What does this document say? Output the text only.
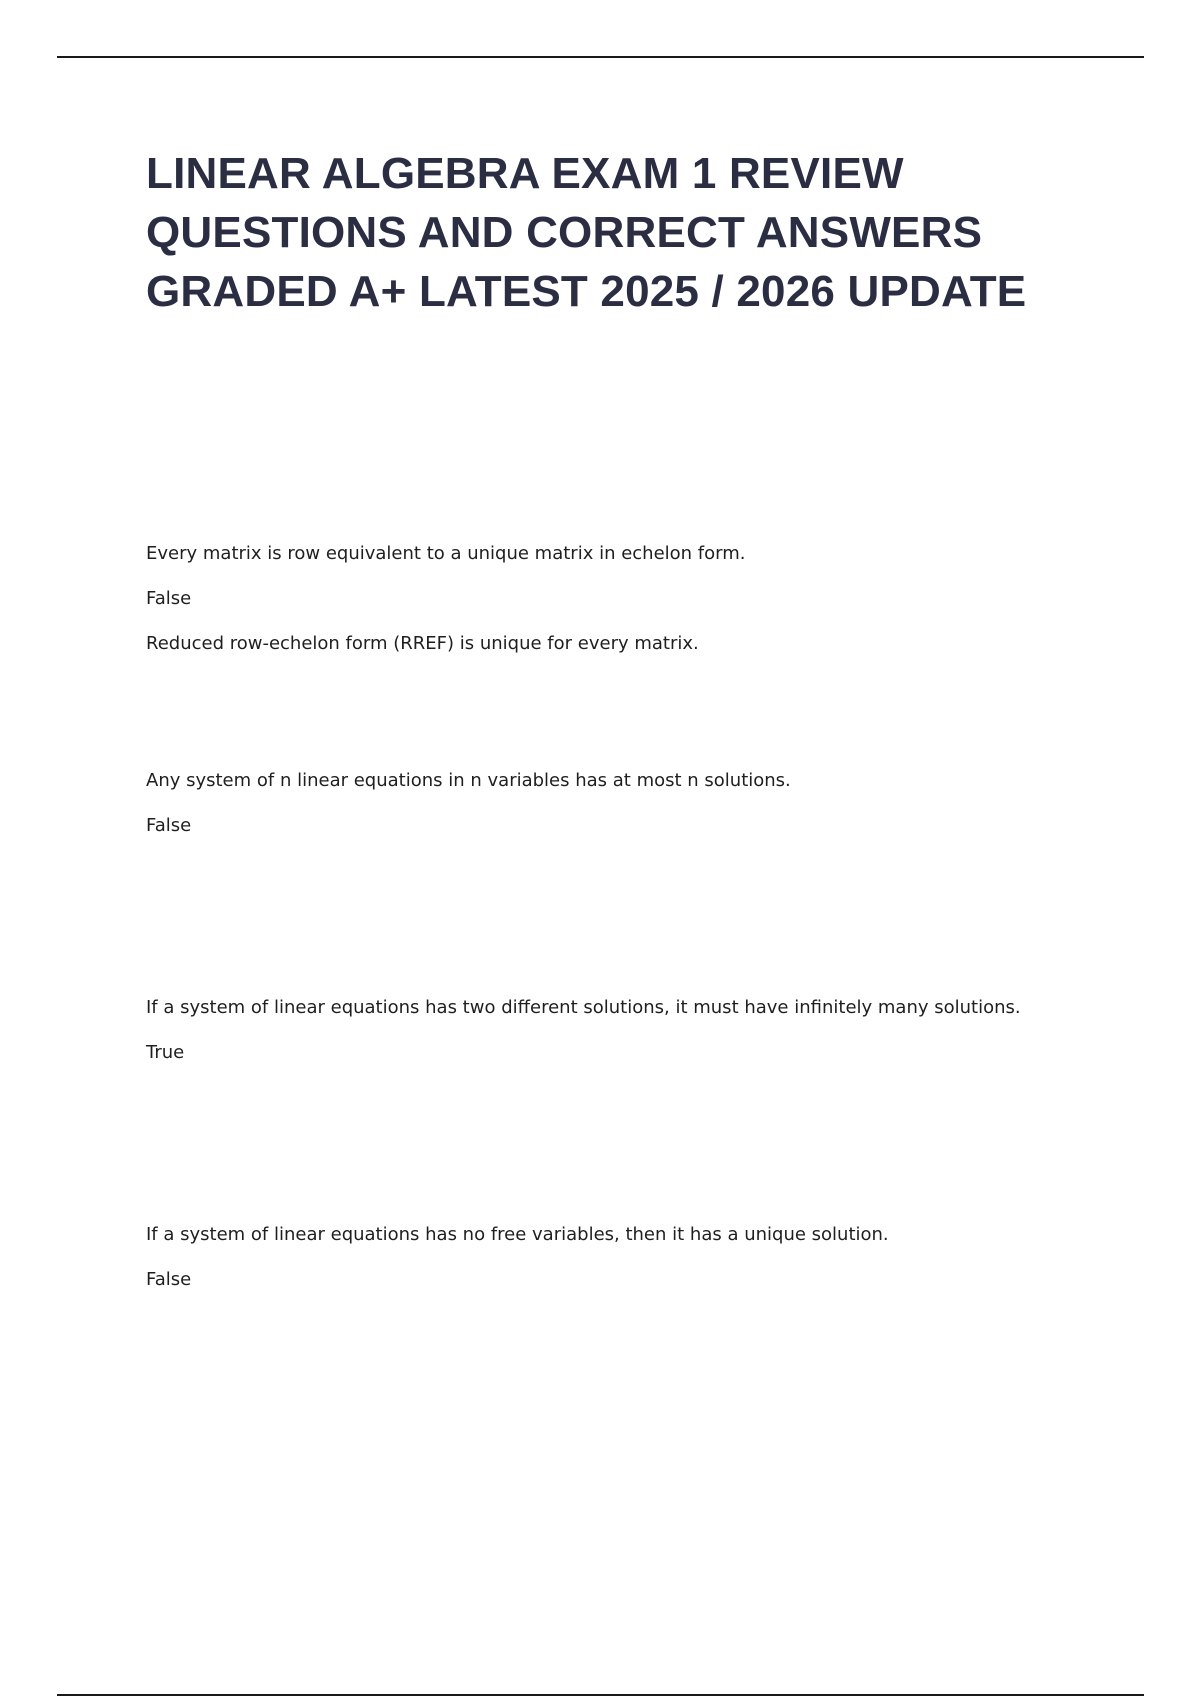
LINEAR ALGEBRA EXAM 1 REVIEW QUESTIONS AND CORRECT ANSWERS GRADED A+ LATEST 2025 / 2026 UPDATE

Every matrix is row equivalent to a unique matrix in echelon form.

False

Reduced row-echelon form (RREF) is unique for every matrix.

Any system of n linear equations in n variables has at most n solutions.

False

If a system of linear equations has two different solutions, it must have infinitely many solutions.

True

If a system of linear equations has no free variables, then it has a unique solution.

False
